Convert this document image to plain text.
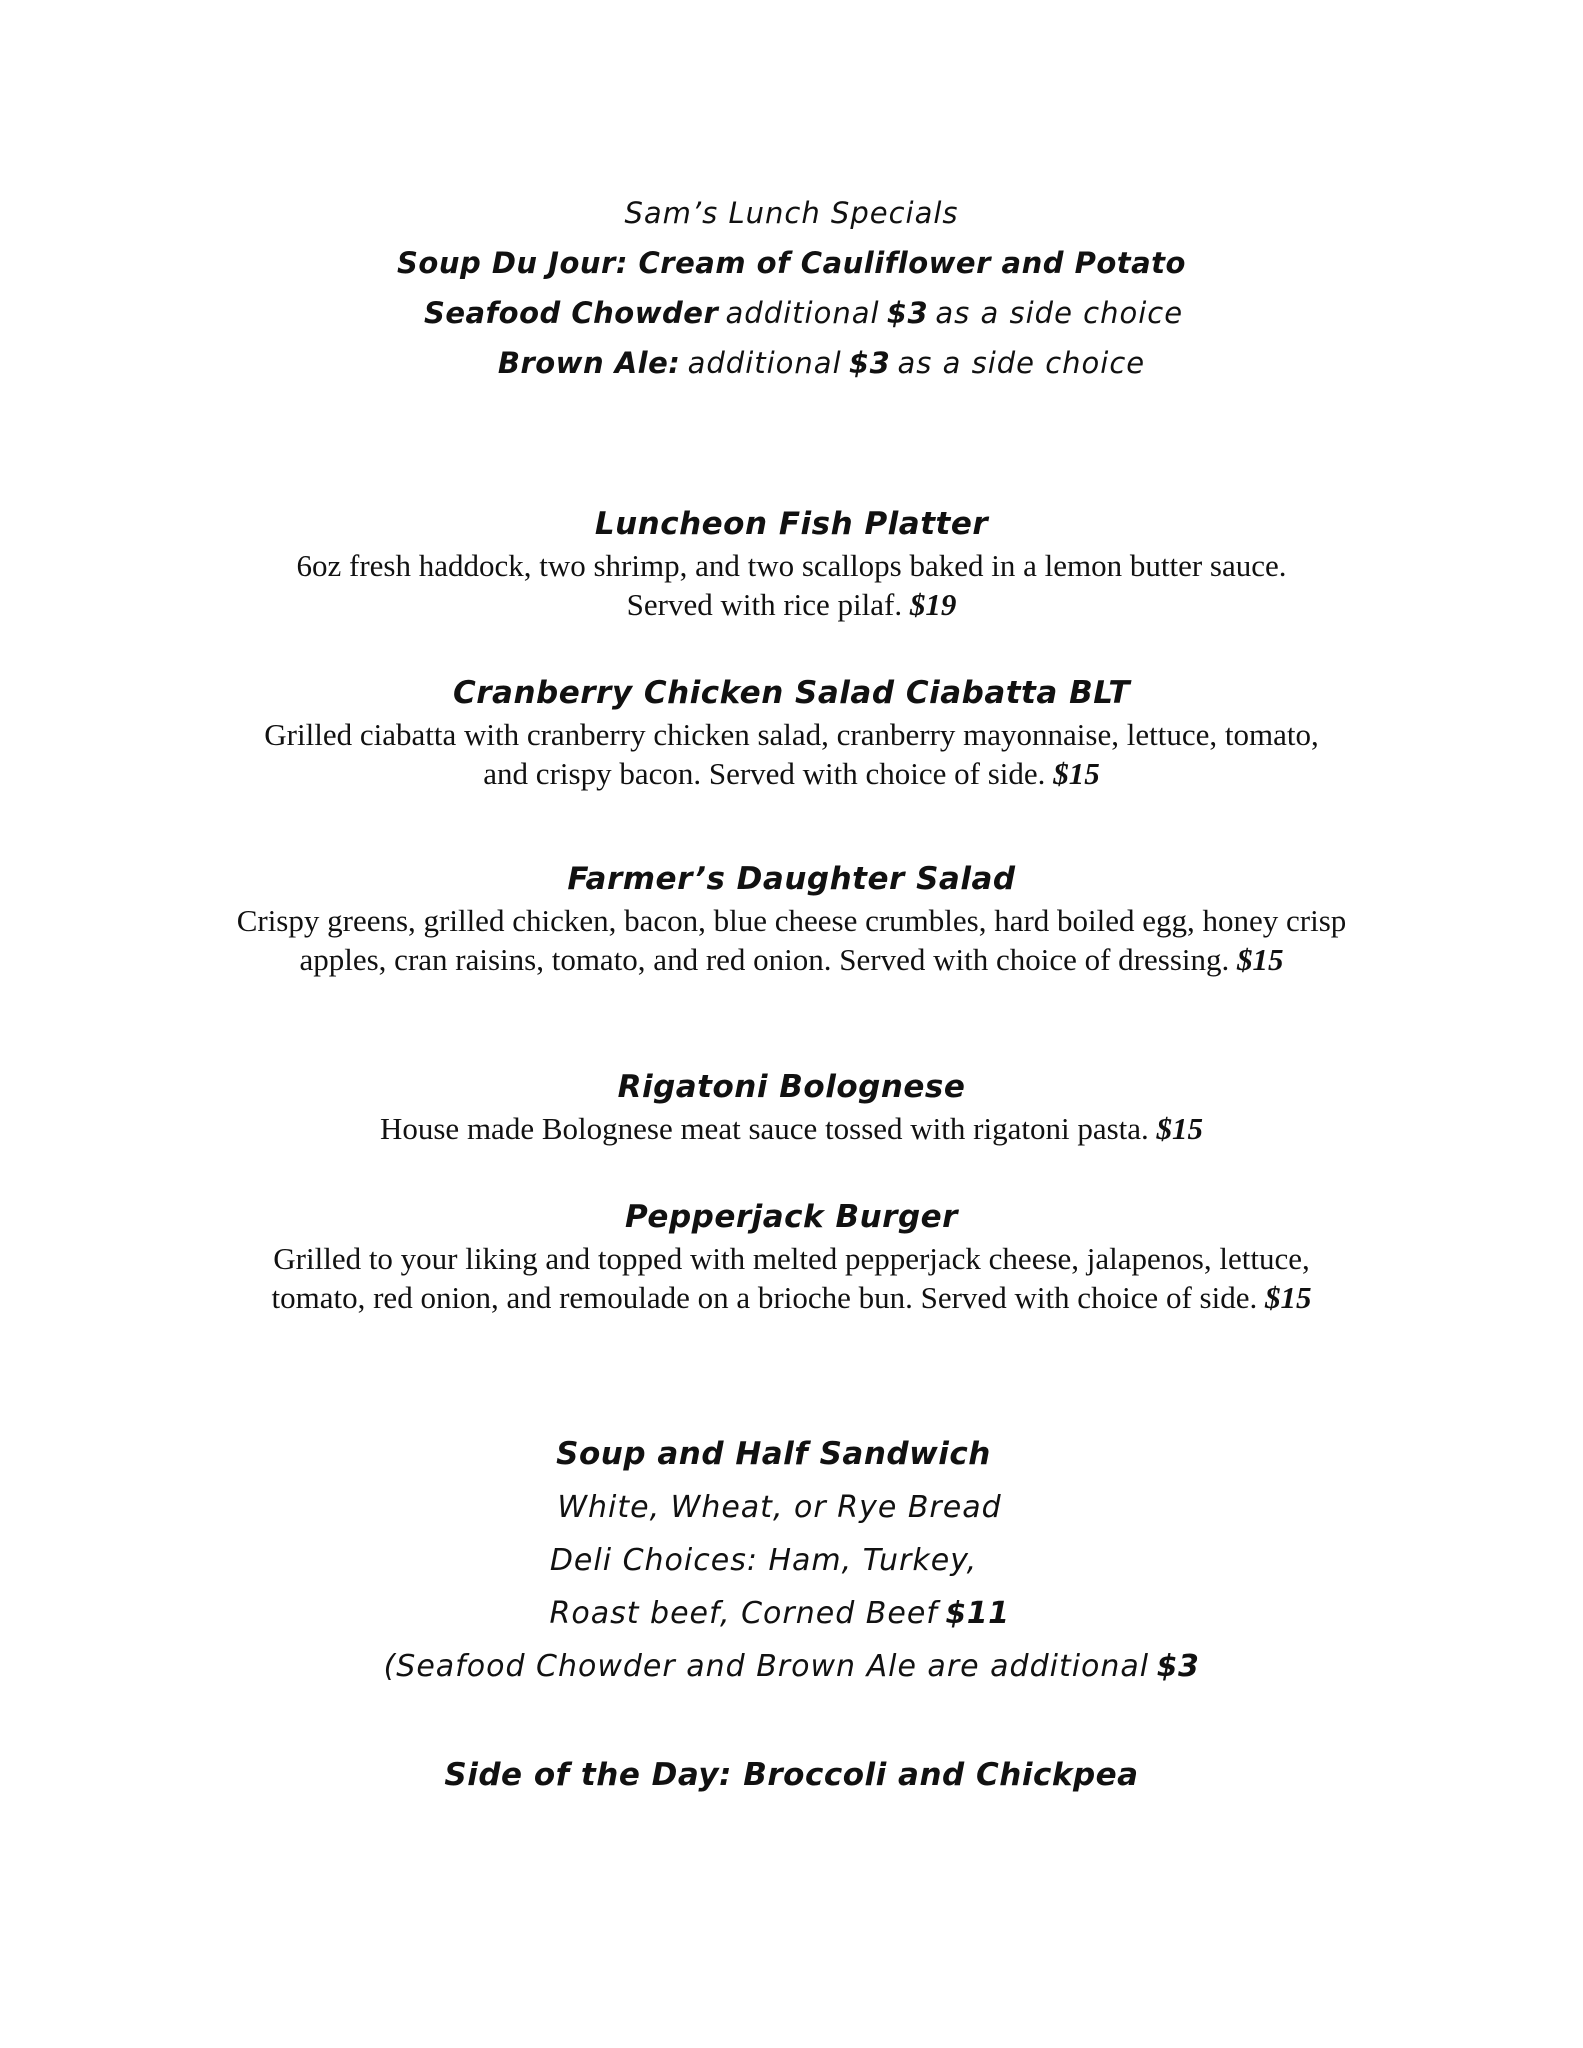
Sam’s Lunch Specials
Soup Du Jour: Cream of Cauliflower and Potato
Seafood Chowder additional $3 as a side choice
Brown Ale: additional $3 as a side choice
Luncheon Fish Platter
6oz fresh haddock, two shrimp, and two scallops baked in a lemon butter sauce.
Served with rice pilaf. $19
Cranberry Chicken Salad Ciabatta BLT
Grilled ciabatta with cranberry chicken salad, cranberry mayonnaise, lettuce, tomato,
and crispy bacon. Served with choice of side. $15
Farmer’s Daughter Salad
Crispy greens, grilled chicken, bacon, blue cheese crumbles, hard boiled egg, honey crisp
apples, cran raisins, tomato, and red onion. Served with choice of dressing. $15
Rigatoni Bolognese
House made Bolognese meat sauce tossed with rigatoni pasta. $15
Pepperjack Burger
Grilled to your liking and topped with melted pepperjack cheese, jalapenos, lettuce,
tomato, red onion, and remoulade on a brioche bun. Served with choice of side. $15
Soup and Half Sandwich
White, Wheat, or Rye Bread
Deli Choices: Ham, Turkey,
Roast beef, Corned Beef $11
(Seafood Chowder and Brown Ale are additional $3
Side of the Day: Broccoli and Chickpea
